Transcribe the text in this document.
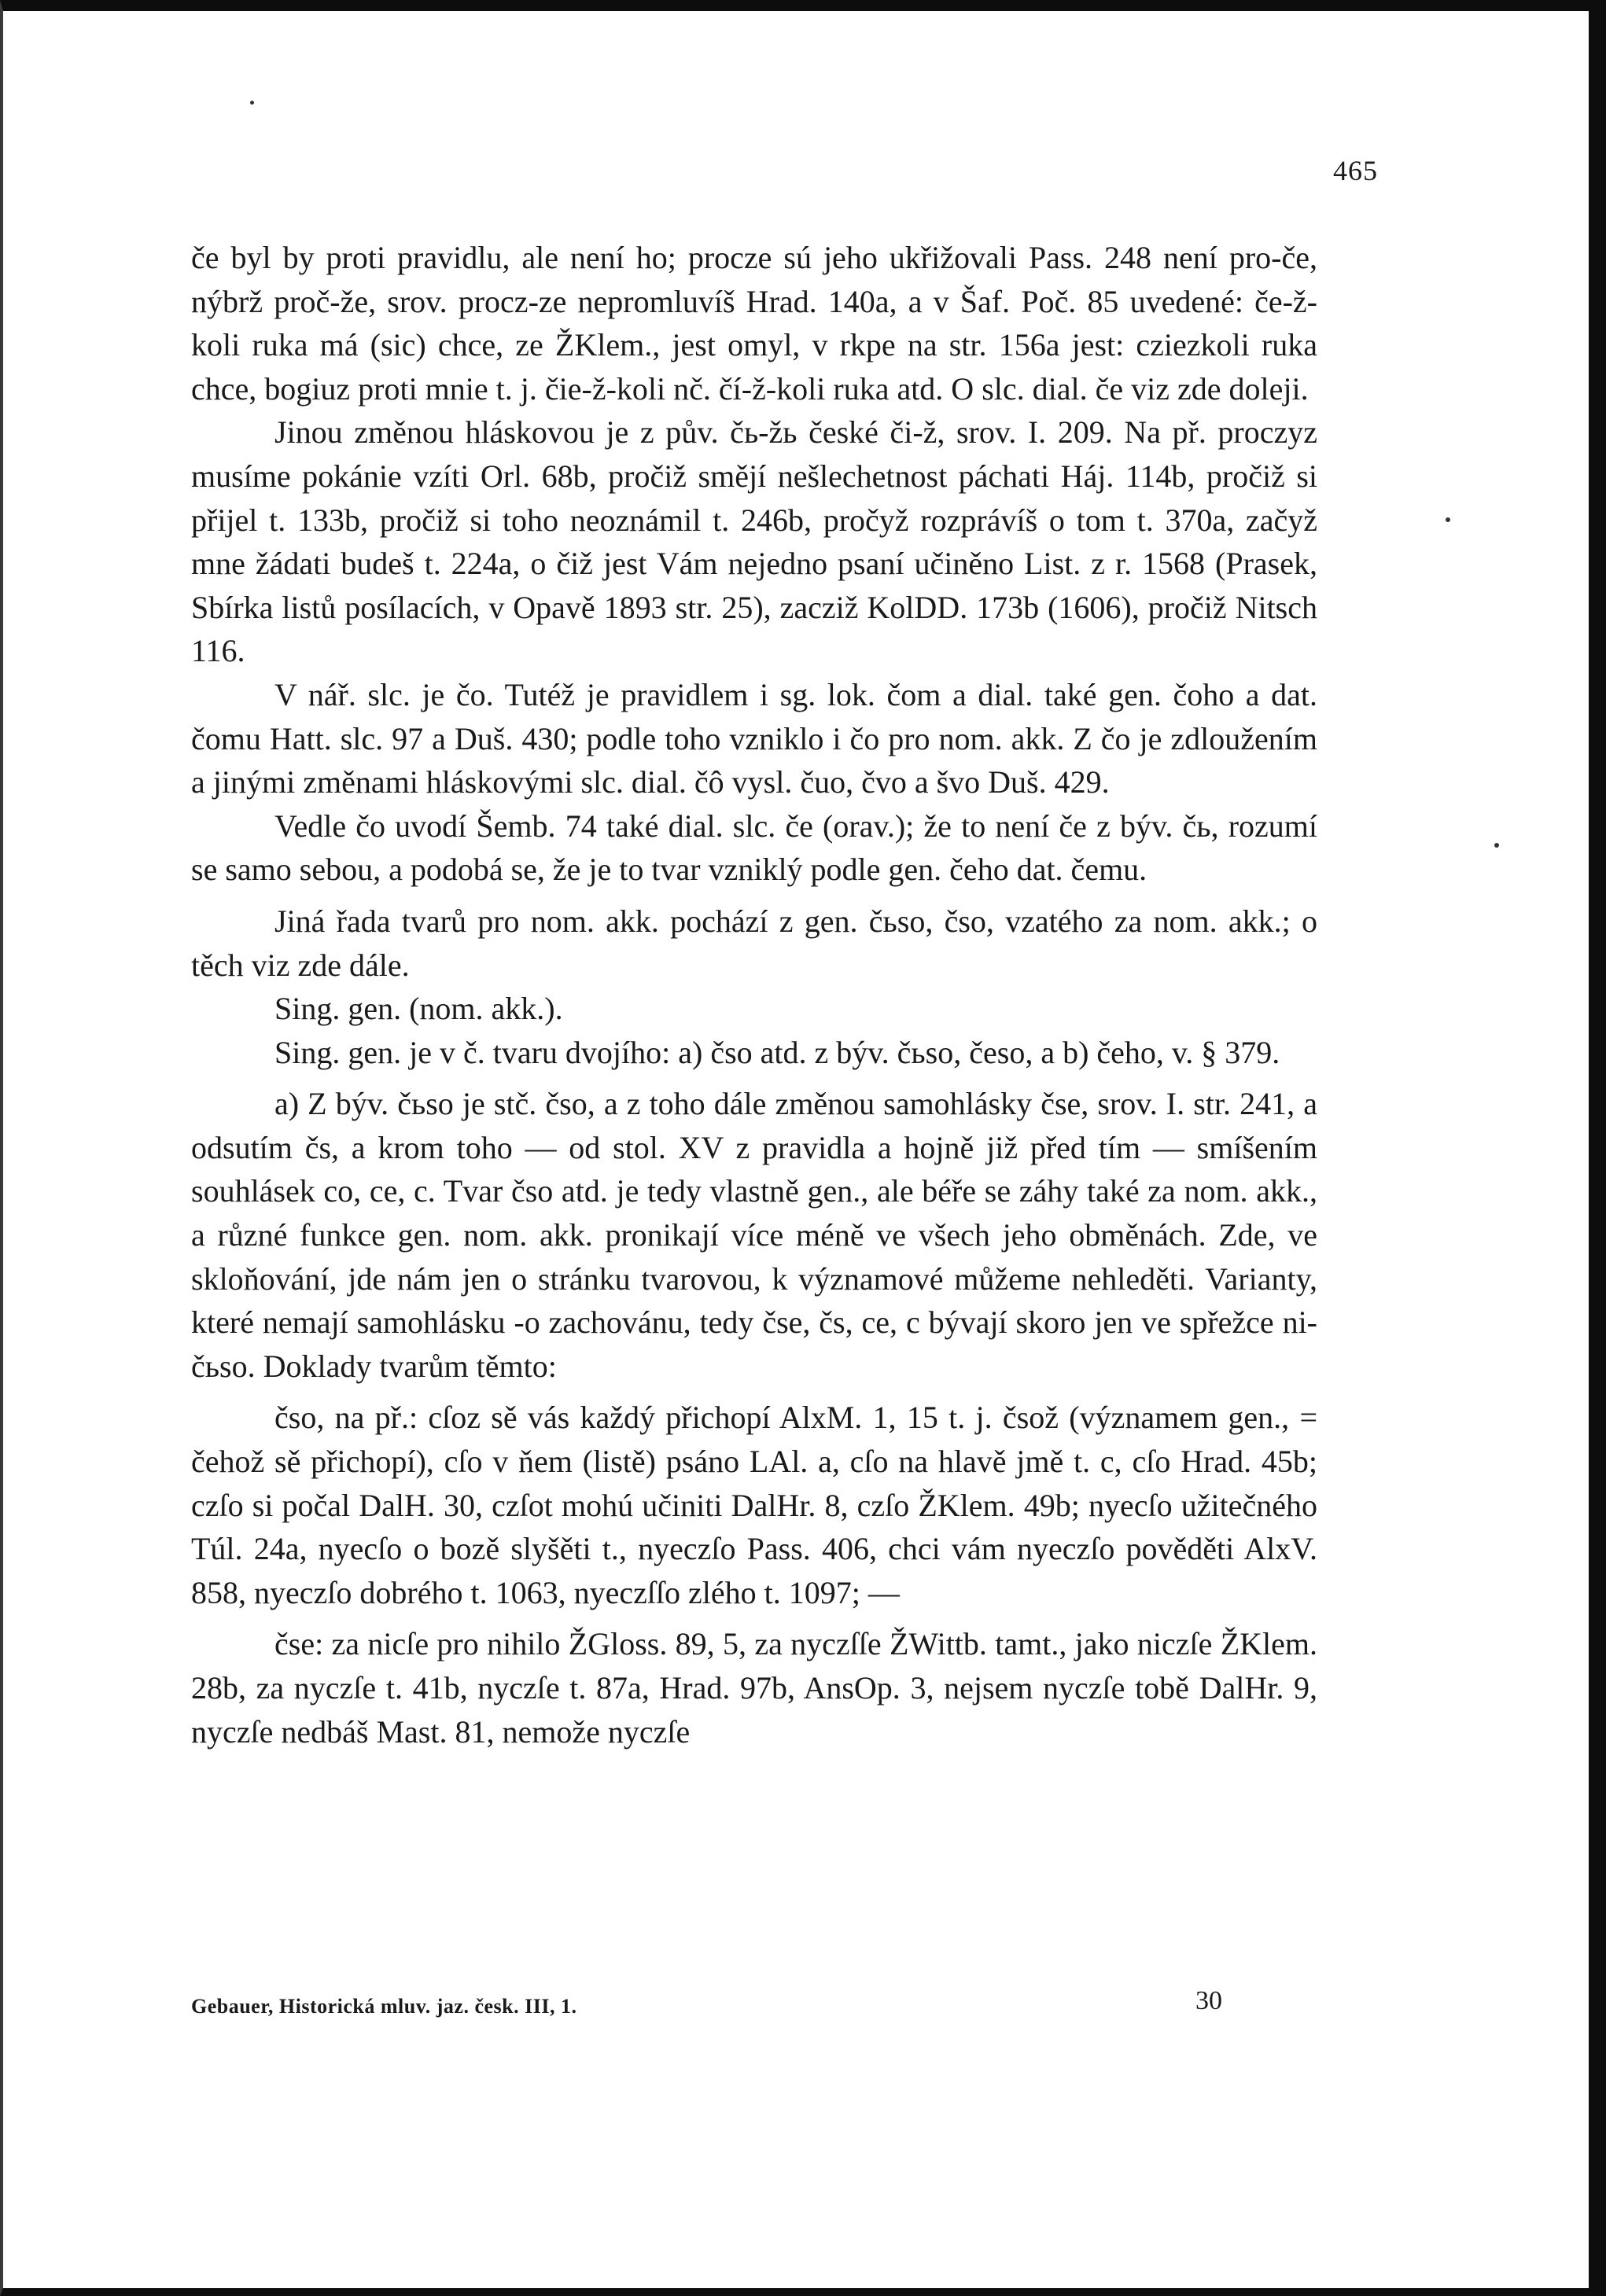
465

če byl by proti pravidlu, ale není ho; procze sú jeho ukřižovali Pass. 248 není pro-če, nýbrž proč-že, srov. procz-ze nepromluvíš Hrad. 140a, a v Šaf. Poč. 85 uvedené: če-ž-koli ruka má (sic) chce, ze ŽKlem., jest omyl, v rkpe na str. 156a jest: cziezkoli ruka chce, bogiuz proti mnie t. j. čie-ž-koli nč. čí-ž-koli ruka atd. O slc. dial. če viz zde doleji.

Jinou změnou hláskovou je z pův. čь-žь české či-ž, srov. I. 209. Na př. proczyz musíme pokánie vzíti Orl. 68b, pročiž smějí nešlechetnost páchati Háj. 114b, pročiž si přijel t. 133b, pročiž si toho neoznámil t. 246b, pročyž rozprávíš o tom t. 370a, začyž mne žádati budeš t. 224a, o čiž jest Vám nejedno psaní učiněno List. z r. 1568 (Prasek, Sbírka listů posílacích, v Opavě 1893 str. 25), zacziž KolDD. 173b (1606), pročiž Nitsch 116.

V nář. slc. je čo. Tutéž je pravidlem i sg. lok. čom a dial. také gen. čoho a dat. čomu Hatt. slc. 97 a Duš. 430; podle toho vzniklo i čo pro nom. akk. Z čo je zdloužením a jinými změnami hláskovými slc. dial. čô vysl. čuo, čvo a švo Duš. 429.

Vedle čo uvodí Šemb. 74 také dial. slc. če (orav.); že to není če z býv. čь, rozumí se samo sebou, a podobá se, že je to tvar vzniklý podle gen. čeho dat. čemu.

Jiná řada tvarů pro nom. akk. pochází z gen. čьso, čso, vzatého za nom. akk.; o těch viz zde dále.

Sing. gen. (nom. akk.).

Sing. gen. je v č. tvaru dvojího: a) čso atd. z býv. čьso, česo, a b) čeho, v. § 379.

a) Z býv. čьso je stč. čso, a z toho dále změnou samohlásky čse, srov. I. str. 241, a odsutím čs, a krom toho — od stol. XV z pravidla a hojně již před tím — smíšením souhlásek co, ce, c. Tvar čso atd. je tedy vlastně gen., ale béře se záhy také za nom. akk., a různé funkce gen. nom. akk. pronikají více méně ve všech jeho obměnách. Zde, ve skloňování, jde nám jen o stránku tvarovou, k významové můžeme nehleděti. Varianty, které nemají samohlásku -o zachovánu, tedy čse, čs, ce, c bývají skoro jen ve spřežce ni-čьso. Doklady tvarům těmto:

čso, na př.: cſoz sě vás každý přichopí AlxM. 1, 15 t. j. čsož (významem gen., = čehož sě přichopí), cſo v ňem (listě) psáno LAl. a, cſo na hlavě jmě t. c, cſo Hrad. 45b; czſo si počal DalH. 30, czſot mohú učiniti DalHr. 8, czſo ŽKlem. 49b; nyecſo užitečného Túl. 24a, nyecſo o bozě slyšěti t., nyeczſo Pass. 406, chci vám nyeczſo pověděti AlxV. 858, nyeczſo dobrého t. 1063, nyeczſſo zlého t. 1097; —

čse: za nicſe pro nihilo ŽGloss. 89, 5, za nyczſſe ŽWittb. tamt., jako niczſe ŽKlem. 28b, za nyczſe t. 41b, nyczſe t. 87a, Hrad. 97b, AnsOp. 3, nejsem nyczſe tobě DalHr. 9, nyczſe nedbáš Mast. 81, nemože nyczſe

Gebauer, Historická mluv. jaz. česk. III, 1.	30
